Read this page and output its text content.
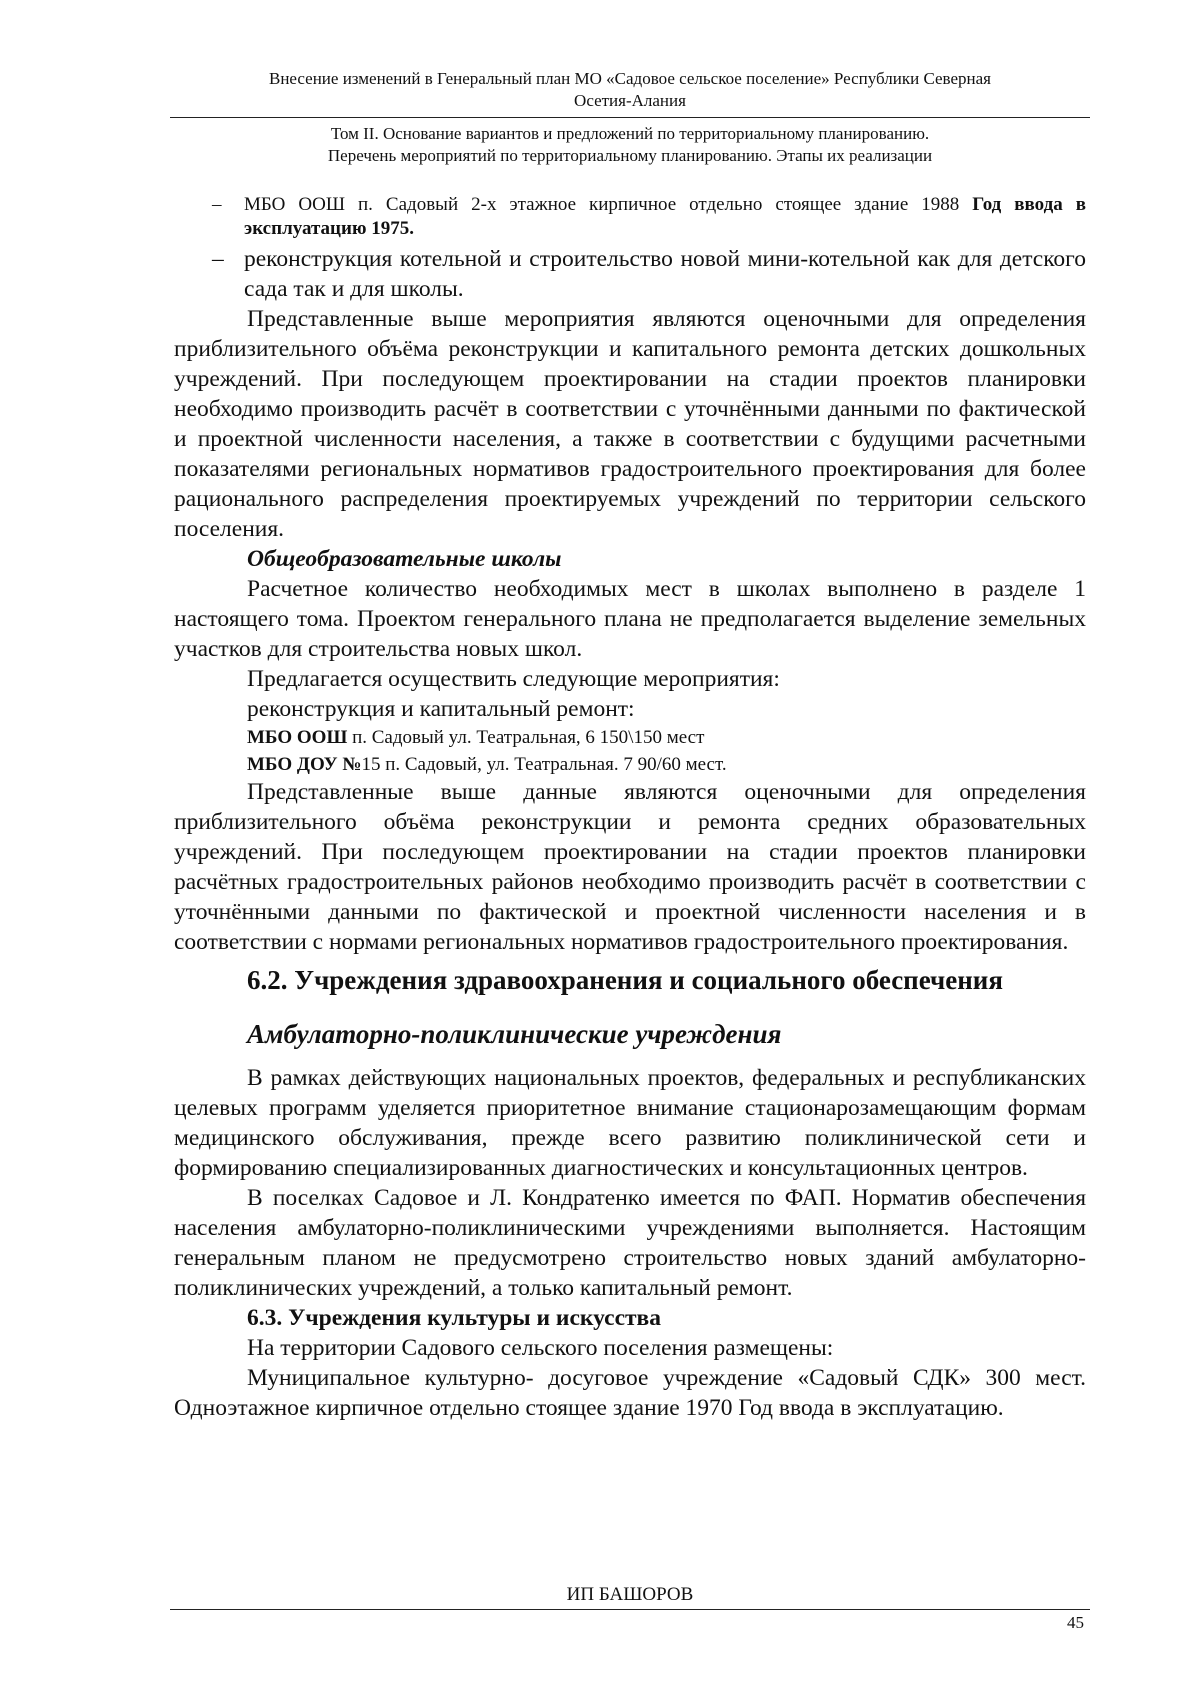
Внесение изменений в Генеральный план МО «Садовое сельское поселение» Республики Северная
Осетия-Алания
Том II. Основание вариантов и предложений по территориальному планированию.
Перечень мероприятий по территориальному планированию. Этапы их реализации
– МБО ООШ п. Садовый 2-х этажное кирпичное отдельно стоящее здание 1988 Год ввода в эксплуатацию 1975.
– реконструкция котельной и строительство новой мини-котельной как для детского сада так и для школы.

Представленные выше мероприятия являются оценочными для определения приблизительного объёма реконструкции и капитального ремонта детских дошкольных учреждений. При последующем проектировании на стадии проектов планировки необходимо производить расчёт в соответствии с уточнёнными данными по фактической и проектной численности населения, а также в соответствии с будущими расчетными показателями региональных нормативов градостроительного проектирования для более рационального распределения проектируемых учреждений по территории сельского поселения.

Общеобразовательные школы

Расчетное количество необходимых мест в школах выполнено в разделе 1 настоящего тома. Проектом генерального плана не предполагается выделение земельных участков для строительства новых школ.

Предлагается осуществить следующие мероприятия:
реконструкция и капитальный ремонт:
МБО ООШ п. Садовый ул. Театральная, 6 150\150 мест
МБО ДОУ №15 п. Садовый, ул. Театральная. 7 90/60 мест.

Представленные выше данные являются оценочными для определения приблизительного объёма реконструкции и ремонта средних образовательных учреждений. При последующем проектировании на стадии проектов планировки расчётных градостроительных районов необходимо производить расчёт в соответствии с уточнёнными данными по фактической и проектной численности населения и в соответствии с нормами региональных нормативов градостроительного проектирования.

6.2. Учреждения здравоохранения и социального обеспечения
Амбулаторно-поликлинические учреждения

В рамках действующих национальных проектов, федеральных и республиканских целевых программ уделяется приоритетное внимание стационарозамещающим формам медицинского обслуживания, прежде всего развитию поликлинической сети и формированию специализированных диагностических и консультационных центров.

В поселках Садовое и Л. Кондратенко имеется по ФАП. Норматив обеспечения населения амбулаторно-поликлиническими учреждениями выполняется. Настоящим генеральным планом не предусмотрено строительство новых зданий амбулаторно-поликлинических учреждений, а только капитальный ремонт.

6.3. Учреждения культуры и искусства
На территории Садового сельского поселения размещены:

Муниципальное культурно- досуговое учреждение «Садовый СДК» 300 мест. Одноэтажное кирпичное отдельно стоящее здание 1970 Год ввода в эксплуатацию.

ИП БАШОРОВ
45
